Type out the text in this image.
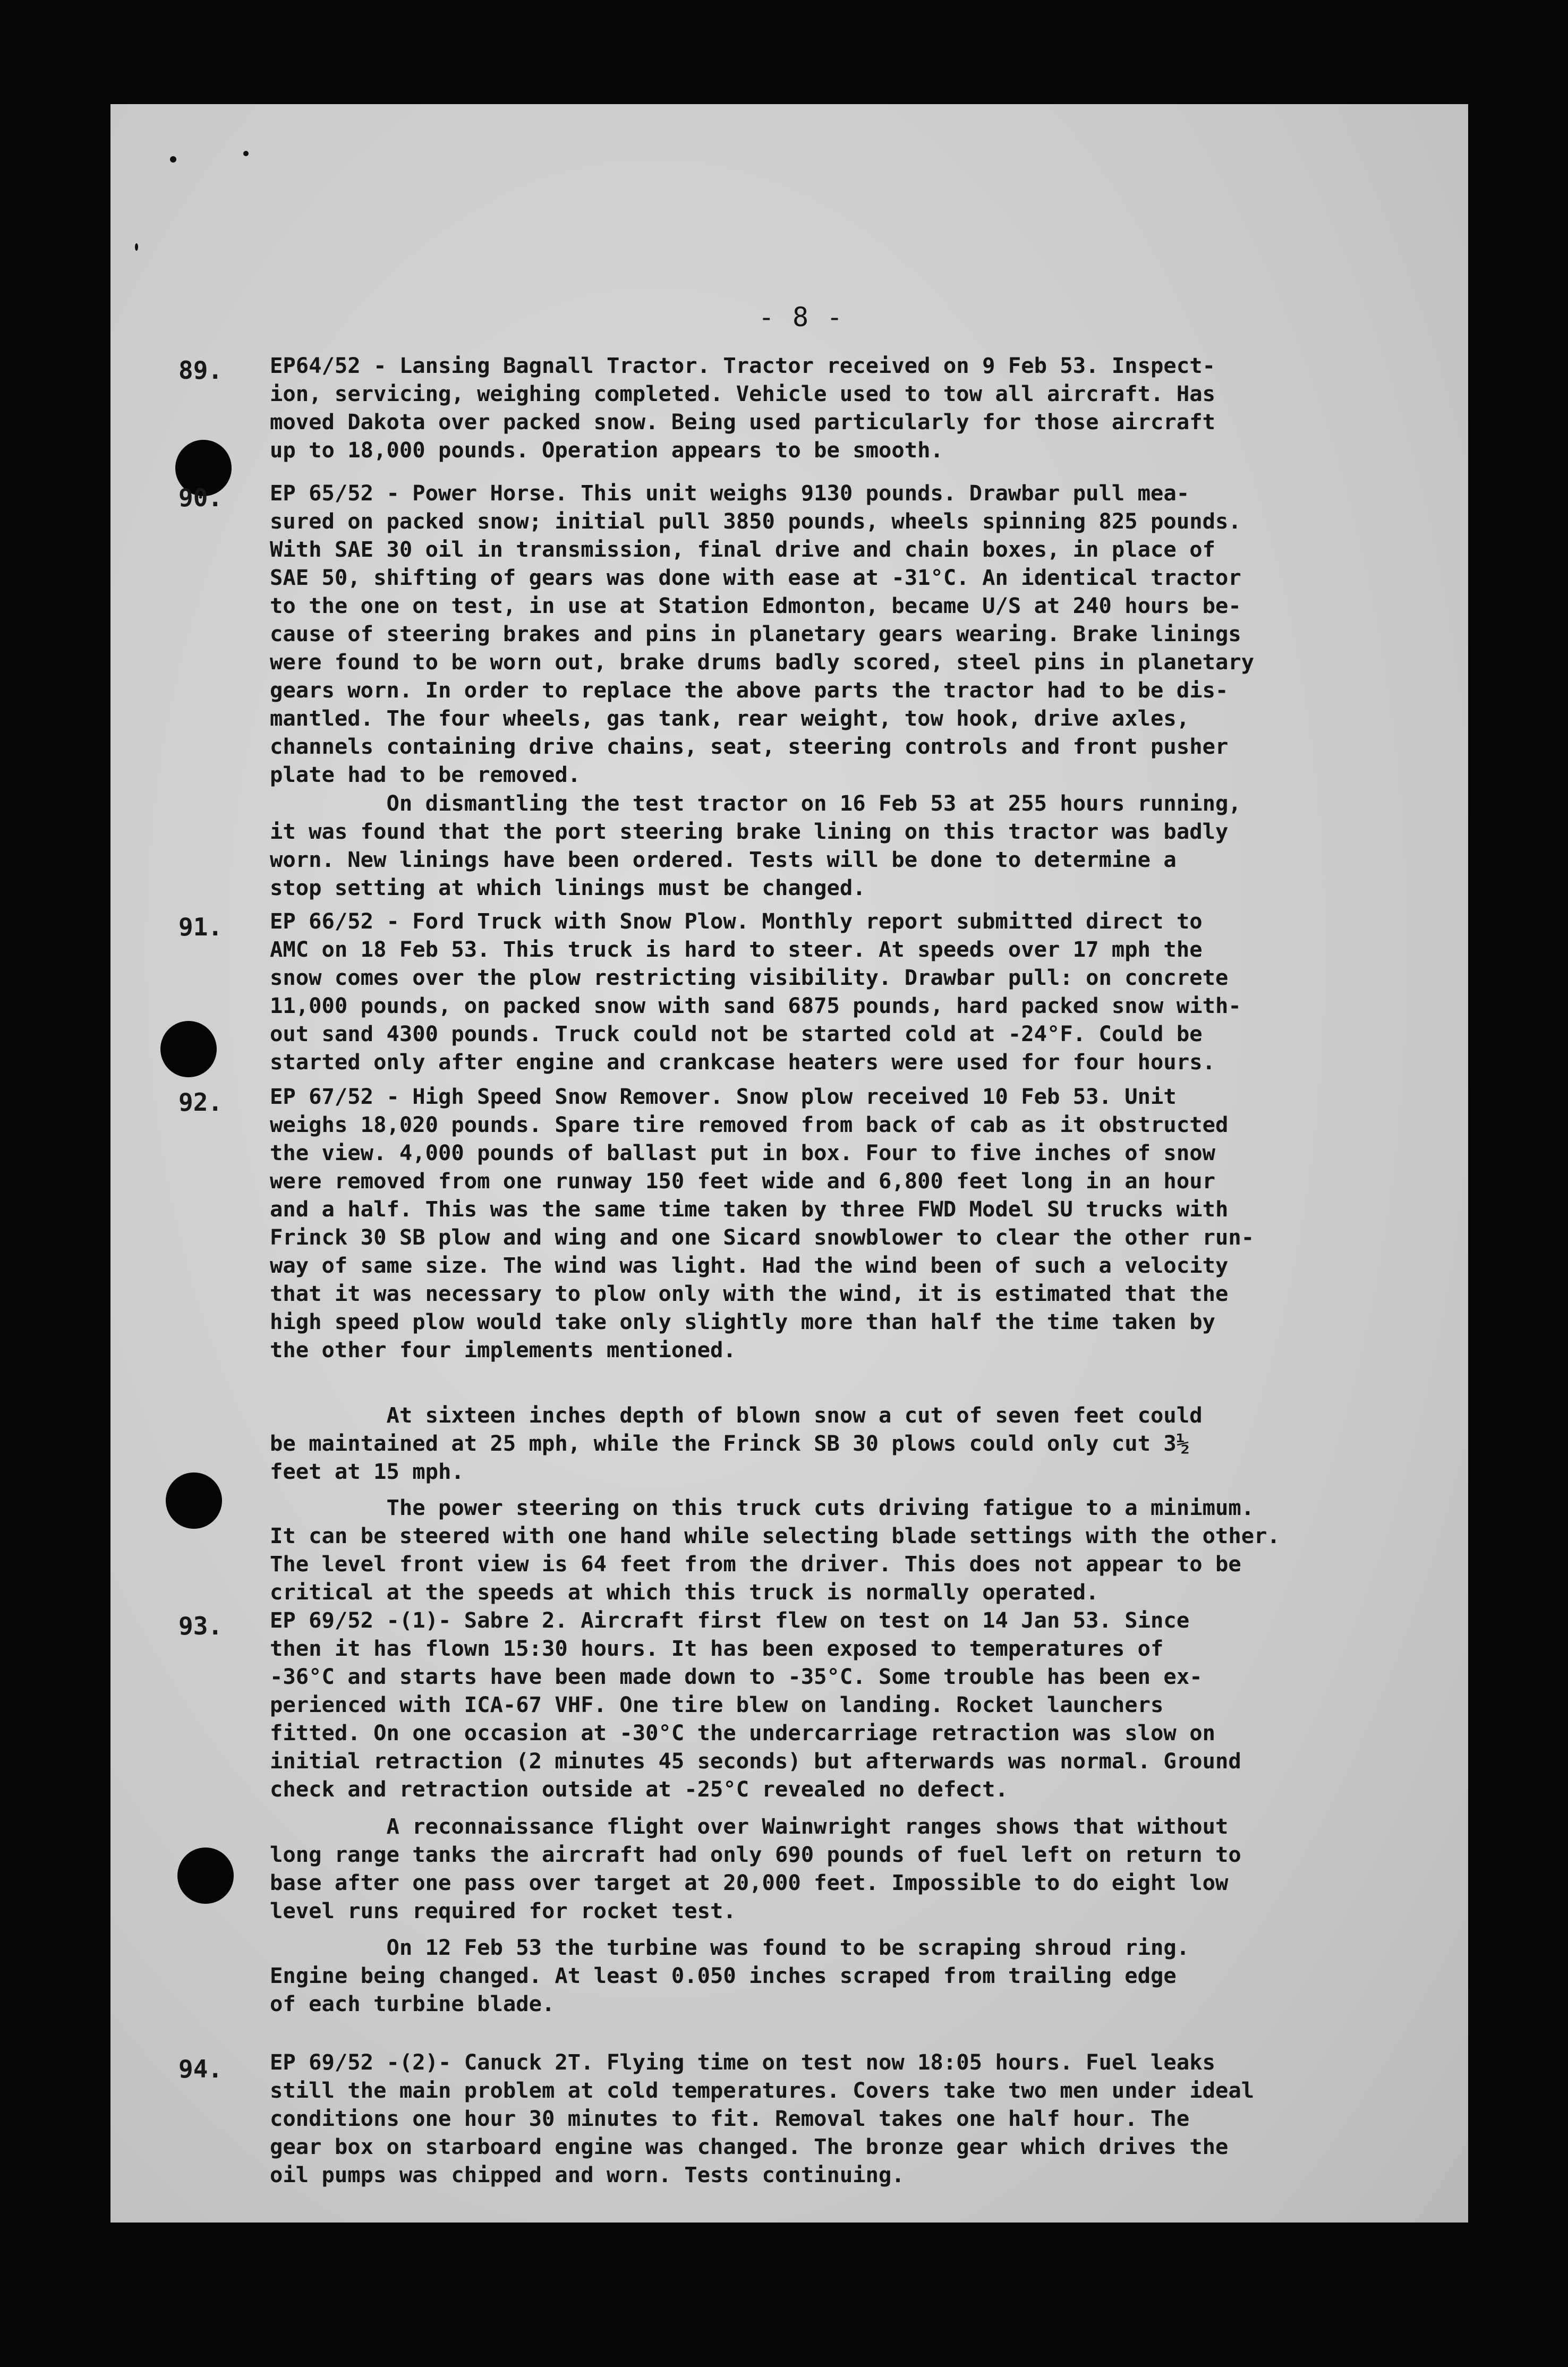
- 8 -
89. EP64/52 - Lansing Bagnall Tractor. Tractor received on 9 Feb 53. Inspect-
ion, servicing, weighing completed. Vehicle used to tow all aircraft. Has
moved Dakota over packed snow. Being used particularly for those aircraft
up to 18,000 pounds. Operation appears to be smooth.
90. EP 65/52 - Power Horse. This unit weighs 9130 pounds. Drawbar pull mea-
sured on packed snow; initial pull 3850 pounds, wheels spinning 825 pounds.
With SAE 30 oil in transmission, final drive and chain boxes, in place of
SAE 50, shifting of gears was done with ease at -31°C. An identical tractor
to the one on test, in use at Station Edmonton, became U/S at 240 hours be-
cause of steering brakes and pins in planetary gears wearing. Brake linings
were found to be worn out, brake drums badly scored, steel pins in planetary
gears worn. In order to replace the above parts the tractor had to be dis-
mantled. The four wheels, gas tank, rear weight, tow hook, drive axles,
channels containing drive chains, seat, steering controls and front pusher
plate had to be removed.
On dismantling the test tractor on 16 Feb 53 at 255 hours running,
it was found that the port steering brake lining on this tractor was badly
worn. New linings have been ordered. Tests will be done to determine a
stop setting at which linings must be changed.
91. EP 66/52 - Ford Truck with Snow Plow. Monthly report submitted direct to
AMC on 18 Feb 53. This truck is hard to steer. At speeds over 17 mph the
snow comes over the plow restricting visibility. Drawbar pull: on concrete
11,000 pounds, on packed snow with sand 6875 pounds, hard packed snow with-
out sand 4300 pounds. Truck could not be started cold at -24°F. Could be
started only after engine and crankcase heaters were used for four hours.
92. EP 67/52 - High Speed Snow Remover. Snow plow received 10 Feb 53. Unit
weighs 18,020 pounds. Spare tire removed from back of cab as it obstructed
the view. 4,000 pounds of ballast put in box. Four to five inches of snow
were removed from one runway 150 feet wide and 6,800 feet long in an hour
and a half. This was the same time taken by three FWD Model SU trucks with
Frinck 30 SB plow and wing and one Sicard snowblower to clear the other run-
way of same size. The wind was light. Had the wind been of such a velocity
that it was necessary to plow only with the wind, it is estimated that the
high speed plow would take only slightly more than half the time taken by
the other four implements mentioned.
At sixteen inches depth of blown snow a cut of seven feet could
be maintained at 25 mph, while the Frinck SB 30 plows could only cut 3½
feet at 15 mph.
The power steering on this truck cuts driving fatigue to a minimum.
It can be steered with one hand while selecting blade settings with the other.
The level front view is 64 feet from the driver. This does not appear to be
critical at the speeds at which this truck is normally operated.
93. EP 69/52 -(1)- Sabre 2. Aircraft first flew on test on 14 Jan 53. Since
then it has flown 15:30 hours. It has been exposed to temperatures of
-36°C and starts have been made down to -35°C. Some trouble has been ex-
perienced with ICA-67 VHF. One tire blew on landing. Rocket launchers
fitted. On one occasion at -30°C the undercarriage retraction was slow on
initial retraction (2 minutes 45 seconds) but afterwards was normal. Ground
check and retraction outside at -25°C revealed no defect.
A reconnaissance flight over Wainwright ranges shows that without
long range tanks the aircraft had only 690 pounds of fuel left on return to
base after one pass over target at 20,000 feet. Impossible to do eight low
level runs required for rocket test.
On 12 Feb 53 the turbine was found to be scraping shroud ring.
Engine being changed. At least 0.050 inches scraped from trailing edge
of each turbine blade.
94. EP 69/52 -(2)- Canuck 2T. Flying time on test now 18:05 hours. Fuel leaks
still the main problem at cold temperatures. Covers take two men under ideal
conditions one hour 30 minutes to fit. Removal takes one half hour. The
gear box on starboard engine was changed. The bronze gear which drives the
oil pumps was chipped and worn. Tests continuing.
